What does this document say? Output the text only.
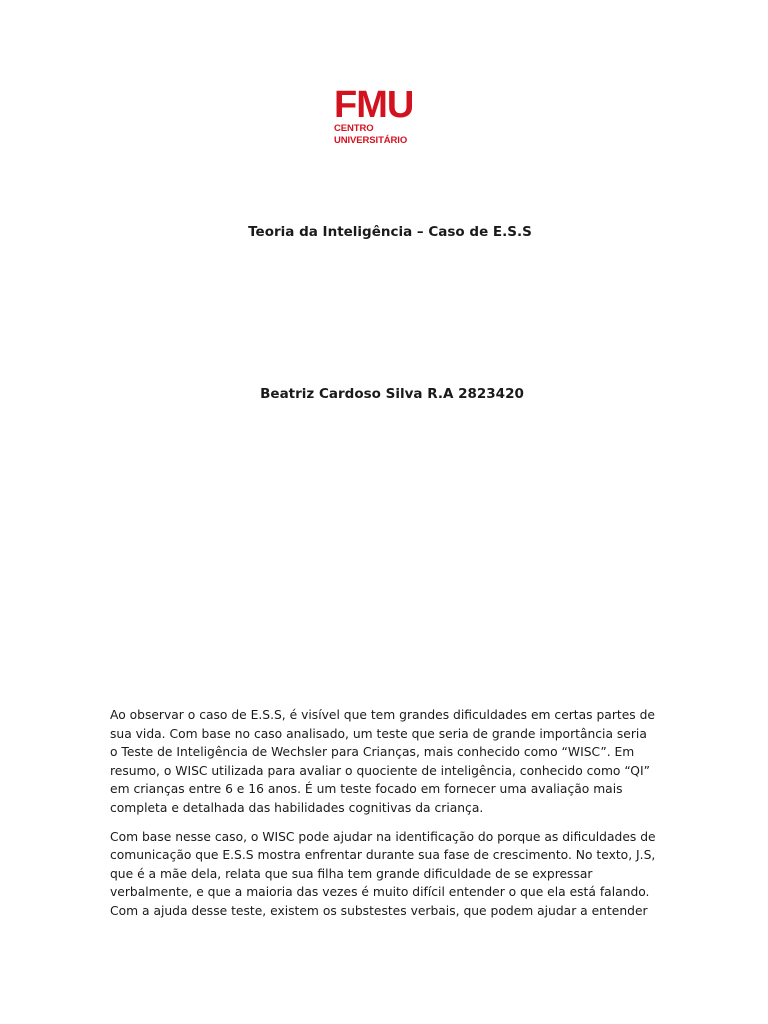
FMU
CENTRO UNIVERSITÁRIO
Teoria da Inteligência – Caso de E.S.S
Beatriz Cardoso Silva R.A 2823420

Ao observar o caso de E.S.S, é visível que tem grandes dificuldades em certas partes de sua vida. Com base no caso analisado, um teste que seria de grande importância seria o Teste de Inteligência de Wechsler para Crianças, mais conhecido como “WISC”. Em resumo, o WISC utilizada para avaliar o quociente de inteligência, conhecido como “QI” em crianças entre 6 e 16 anos. É um teste focado em fornecer uma avaliação mais completa e detalhada das habilidades cognitivas da criança.

Com base nesse caso, o WISC pode ajudar na identificação do porque as dificuldades de comunicação que E.S.S mostra enfrentar durante sua fase de crescimento. No texto, J.S, que é a mãe dela, relata que sua filha tem grande dificuldade de se expressar verbalmente, e que a maioria das vezes é muito difícil entender o que ela está falando. Com a ajuda desse teste, existem os substestes verbais, que podem ajudar a entender
